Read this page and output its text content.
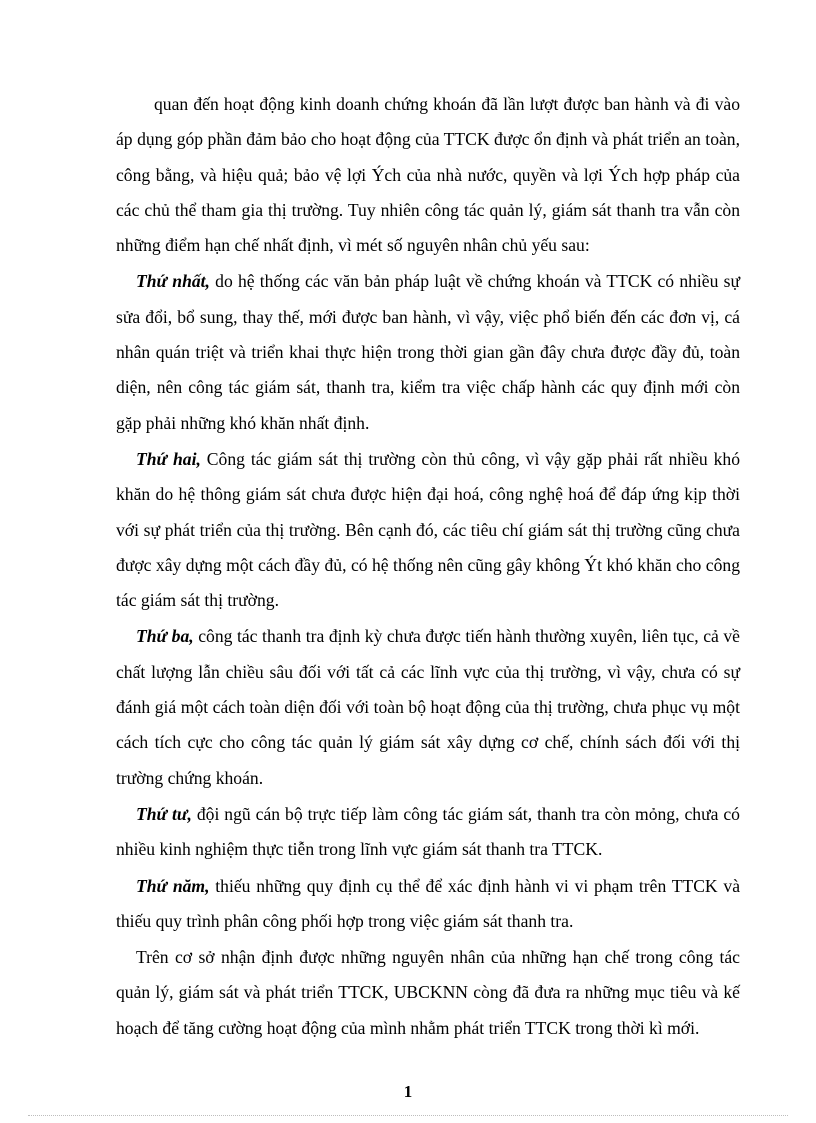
quan đến hoạt động kinh doanh chứng khoán đã lần lượt được ban hành và đi vào áp dụng góp phần đảm bảo cho hoạt động của TTCK được ổn định và phát triển an toàn, công bằng, và hiệu quả; bảo vệ lợi Ých của nhà nước, quyền và lợi Ých hợp pháp của các chủ thể tham gia thị trường. Tuy nhiên công tác quản lý, giám sát thanh tra vẫn còn những điểm hạn chế nhất định, vì mét số nguyên nhân chủ yếu sau:

Thứ nhất, do hệ thống các văn bản pháp luật về chứng khoán và TTCK có nhiều sự sửa đổi, bổ sung, thay thế, mới được ban hành, vì vậy, việc phổ biến đến các đơn vị, cá nhân quán triệt và triển khai thực hiện trong thời gian gần đây chưa được đầy đủ, toàn diện, nên công tác giám sát, thanh tra, kiểm tra việc chấp hành các quy định mới còn gặp phải những khó khăn nhất định.

Thứ hai, Công tác giám sát thị trường còn thủ công, vì vậy gặp phải rất nhiều khó khăn do hệ thông giám sát chưa được hiện đại hoá, công nghệ hoá để đáp ứng kịp thời với sự phát triển của thị trường. Bên cạnh đó, các tiêu chí giám sát thị trường cũng chưa được xây dựng một cách đầy đủ, có hệ thống nên cũng gây không Ýt khó khăn cho công tác giám sát thị trường.

Thứ ba, công tác thanh tra định kỳ chưa được tiến hành thường xuyên, liên tục, cả về chất lượng lẫn chiều sâu đối với tất cả các lĩnh vực của thị trường, vì vậy, chưa có sự đánh giá một cách toàn diện đối với toàn bộ hoạt động của thị trường, chưa phục vụ một cách tích cực cho công tác quản lý giám sát xây dựng cơ chế, chính sách đối với thị trường chứng khoán.

Thứ tư, đội ngũ cán bộ trực tiếp làm công tác giám sát, thanh tra còn mỏng, chưa có nhiều kinh nghiệm thực tiễn trong lĩnh vực giám sát thanh tra TTCK.

Thứ năm, thiếu những quy định cụ thể để xác định hành vi vi phạm trên TTCK và thiếu quy trình phân công phối hợp trong việc giám sát thanh tra.

Trên cơ sở nhận định được những nguyên nhân của những hạn chế trong công tác quản lý, giám sát và phát triển TTCK, UBCKNN còng đã đưa ra những mục tiêu và kế hoạch để tăng cường hoạt động của mình nhằm phát triển TTCK trong thời kì mới.

1
